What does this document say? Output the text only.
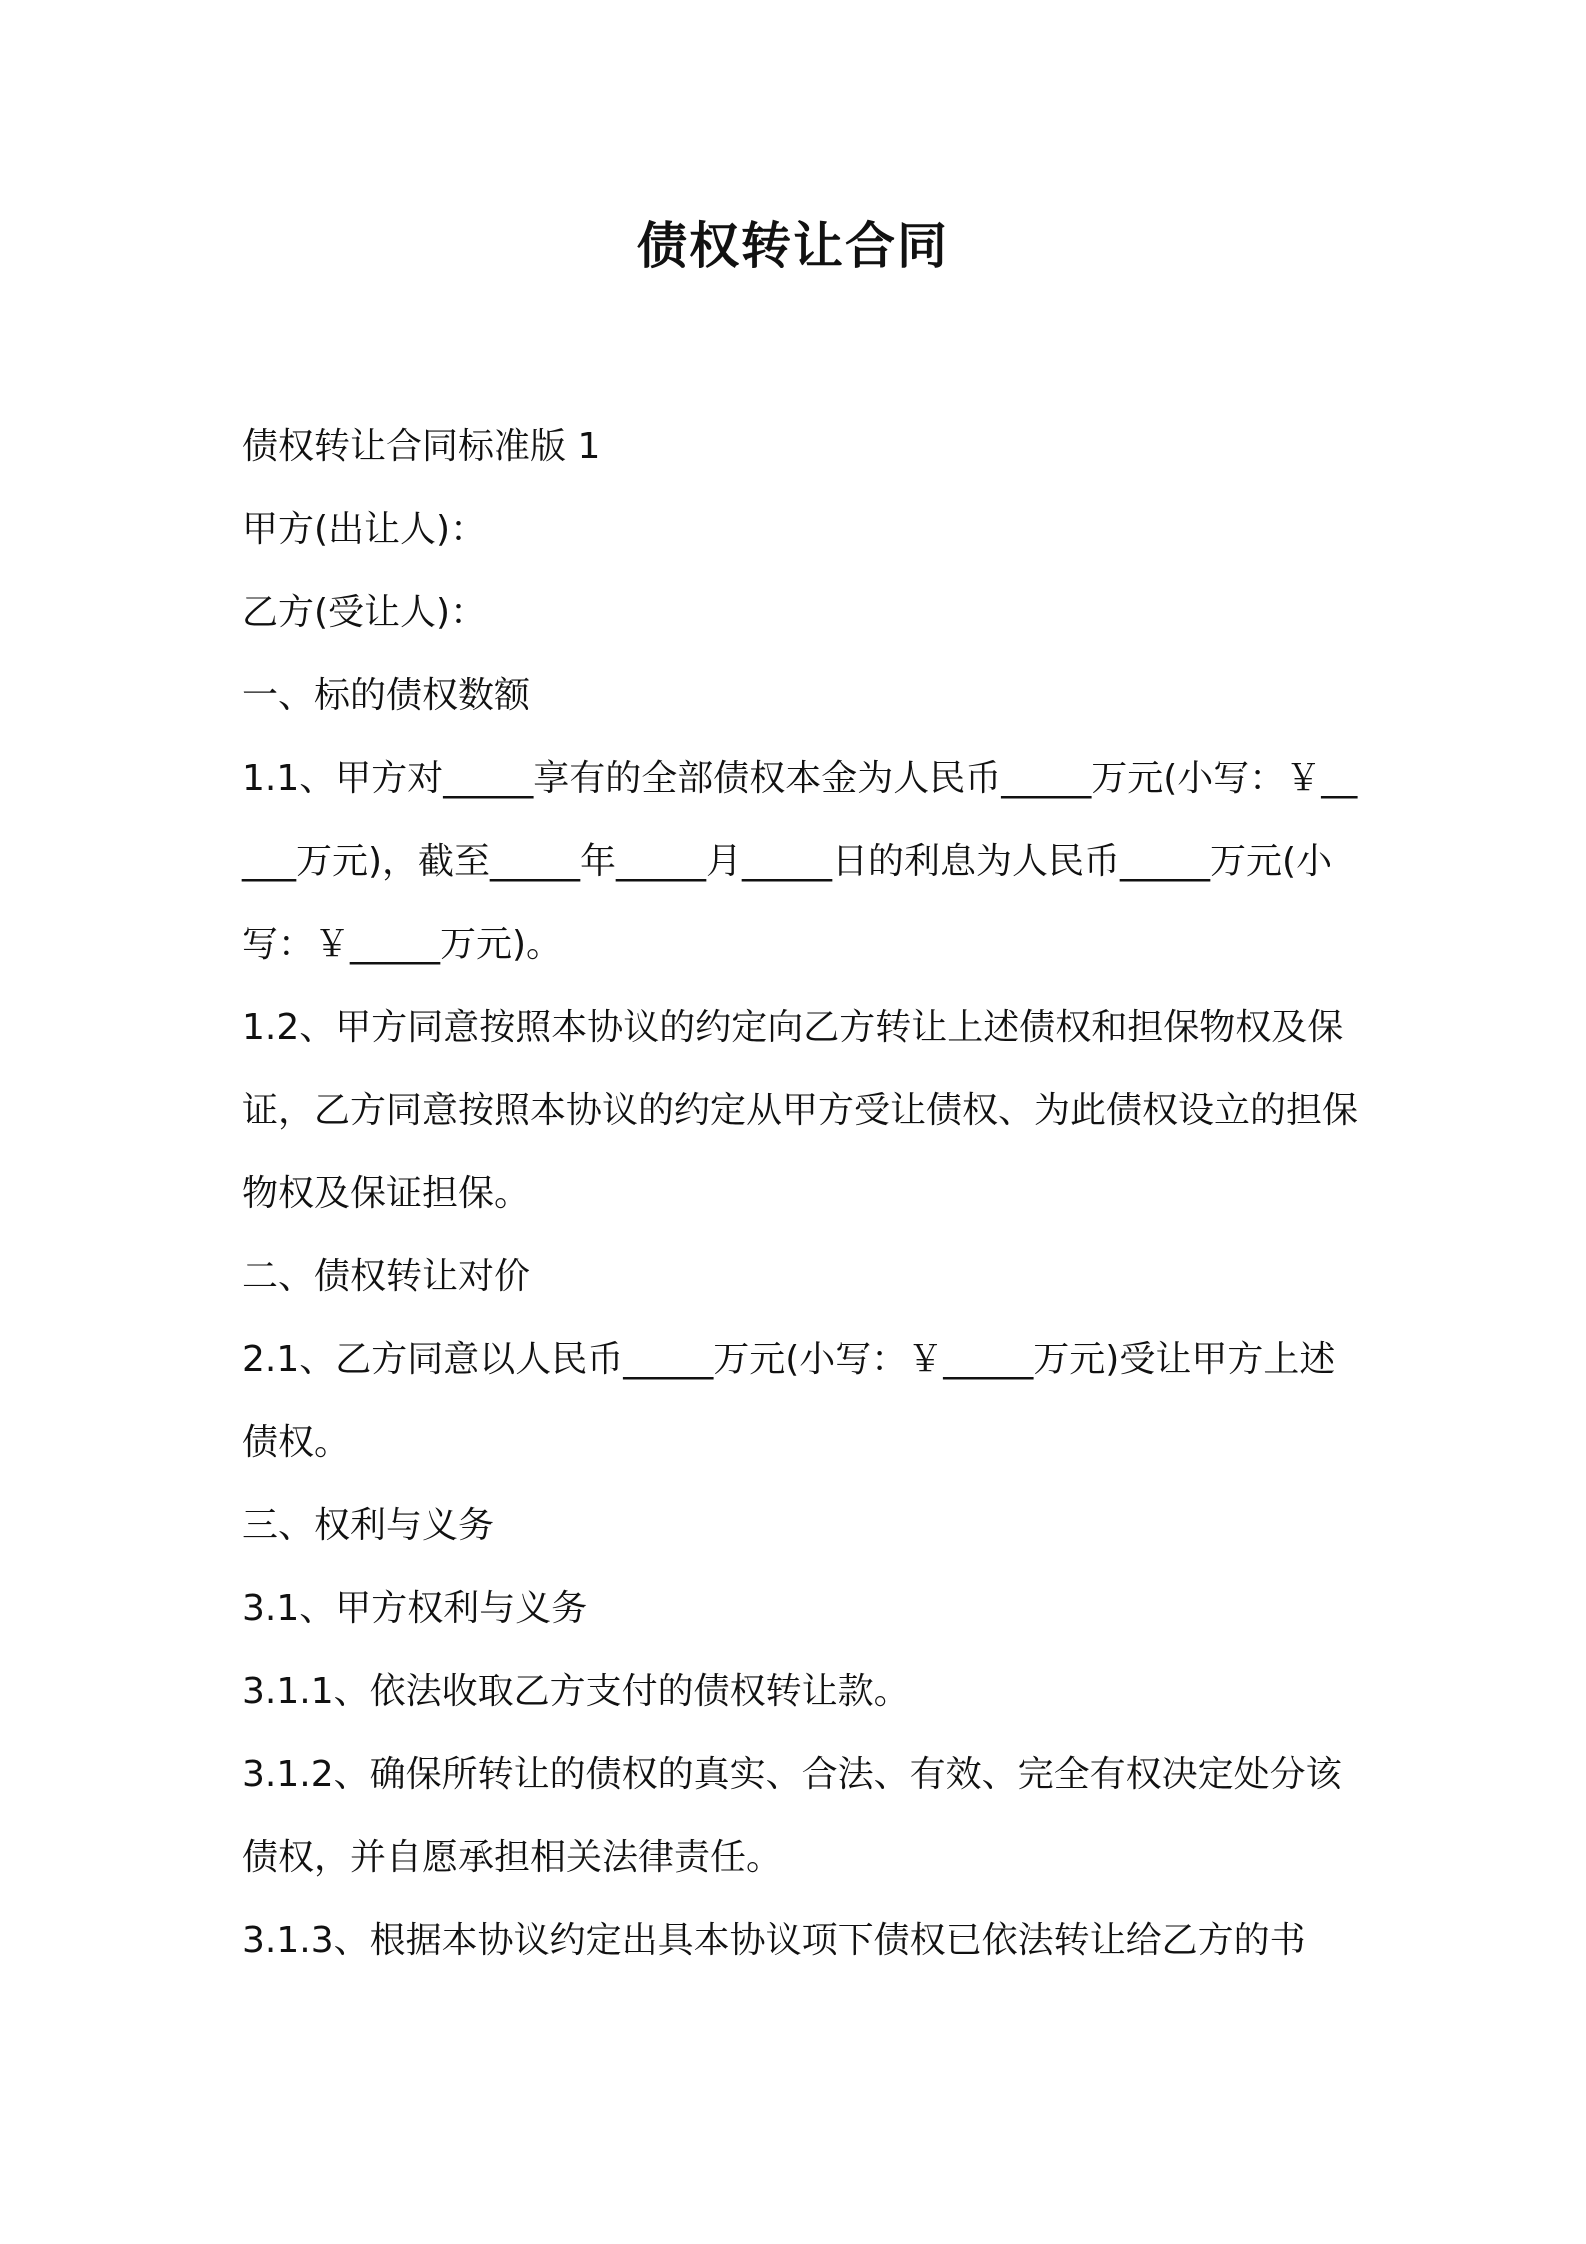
债权转让合同

债权转让合同标准版 1

甲方(出让人)：

乙方(受让人)：

一、标的债权数额

1.1、甲方对_____享有的全部债权本金为人民币_____万元(小写：￥_____万元)，截至_____年_____月_____日的利息为人民币_____万元(小写：￥_____万元)。

1.2、甲方同意按照本协议的约定向乙方转让上述债权和担保物权及保证，乙方同意按照本协议的约定从甲方受让债权、为此债权设立的担保物权及保证担保。

二、债权转让对价

2.1、乙方同意以人民币_____万元(小写：￥_____万元)受让甲方上述债权。

三、权利与义务

3.1、甲方权利与义务

3.1.1、依法收取乙方支付的债权转让款。

3.1.2、确保所转让的债权的真实、合法、有效、完全有权决定处分该债权，并自愿承担相关法律责任。

3.1.3、根据本协议约定出具本协议项下债权已依法转让给乙方的书
